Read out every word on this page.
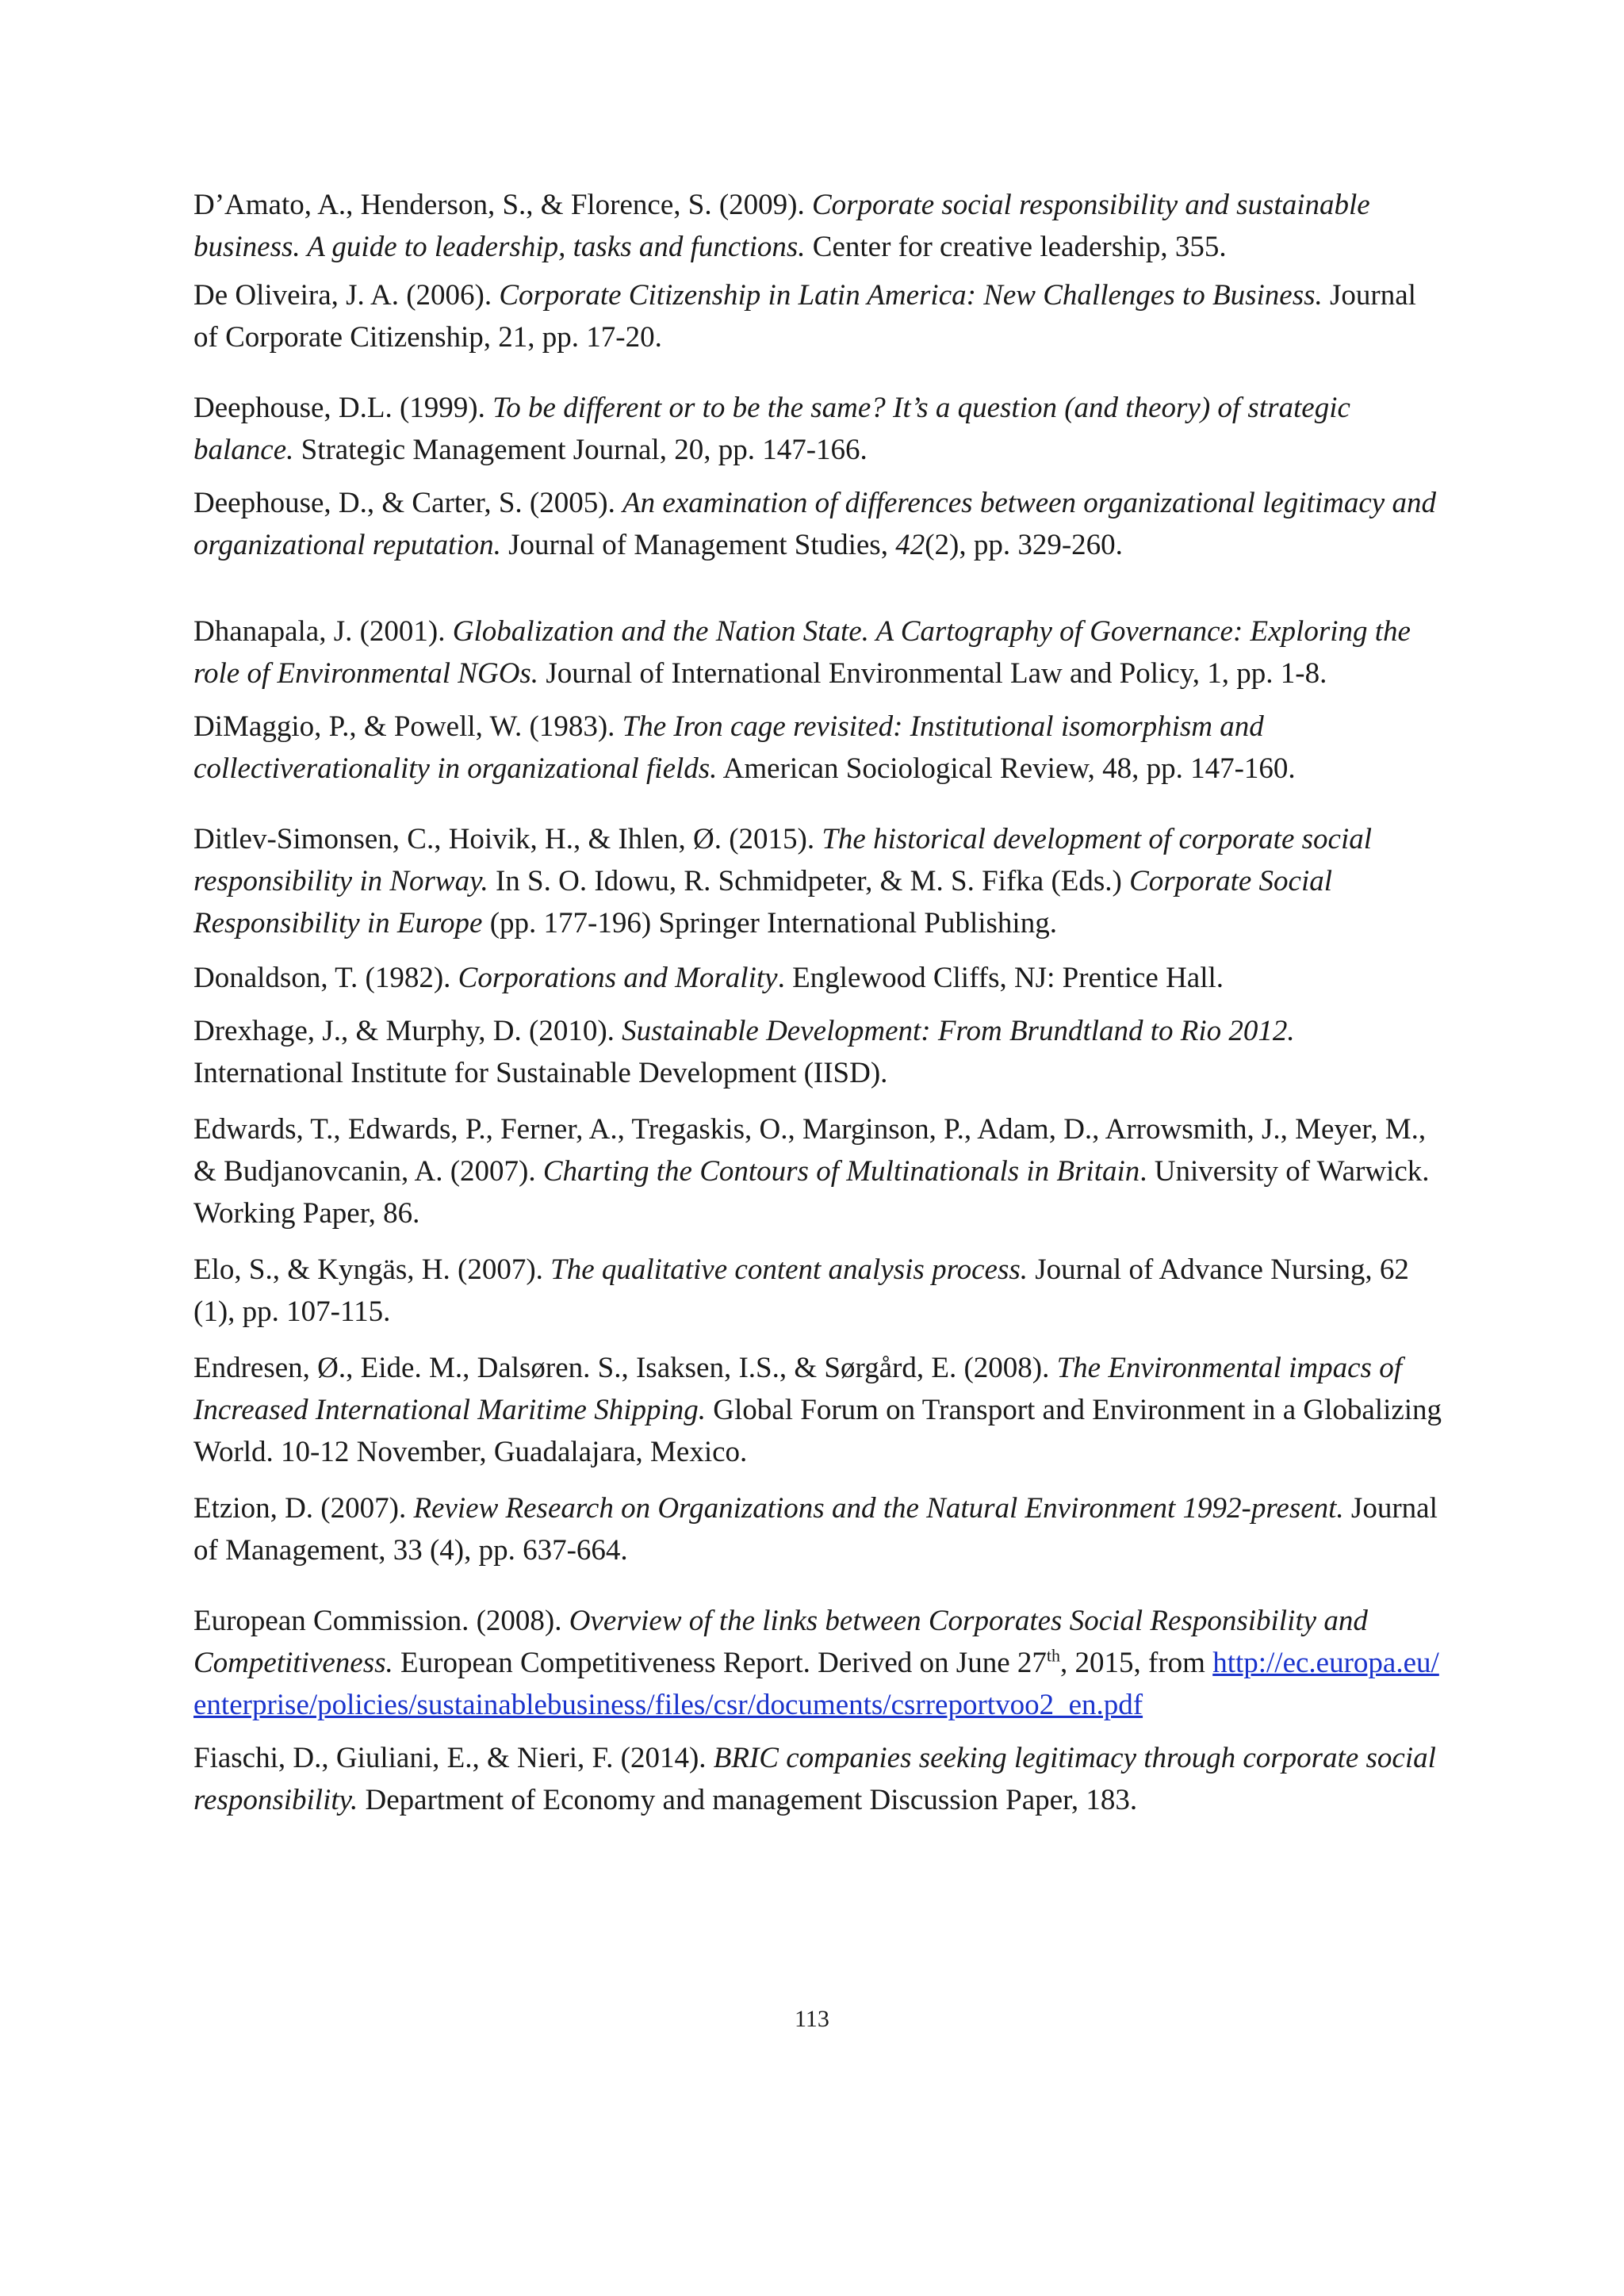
D’Amato, A., Henderson, S., & Florence, S. (2009). Corporate social responsibility and sustainable business. A guide to leadership, tasks and functions. Center for creative leadership, 355.

De Oliveira, J. A. (2006). Corporate Citizenship in Latin America: New Challenges to Business. Journal of Corporate Citizenship, 21, pp. 17-20.

Deephouse, D.L. (1999). To be different or to be the same? It’s a question (and theory) of strategic balance. Strategic Management Journal, 20, pp. 147-166.

Deephouse, D., & Carter, S. (2005). An examination of differences between organizational legitimacy and organizational reputation. Journal of Management Studies, 42(2), pp. 329-260.

Dhanapala, J. (2001). Globalization and the Nation State. A Cartography of Governance: Exploring the role of Environmental NGOs. Journal of International Environmental Law and Policy, 1, pp. 1-8.

DiMaggio, P., & Powell, W. (1983). The Iron cage revisited: Institutional isomorphism and collectiverationality in organizational fields. American Sociological Review, 48, pp. 147-160.

Ditlev-Simonsen, C., Hoivik, H., & Ihlen, Ø. (2015). The historical development of corporate social responsibility in Norway. In S. O. Idowu, R. Schmidpeter, & M. S. Fifka (Eds.) Corporate Social Responsibility in Europe (pp. 177-196) Springer International Publishing.

Donaldson, T. (1982). Corporations and Morality. Englewood Cliffs, NJ: Prentice Hall.

Drexhage, J., & Murphy, D. (2010). Sustainable Development: From Brundtland to Rio 2012. International Institute for Sustainable Development (IISD).

Edwards, T., Edwards, P., Ferner, A., Tregaskis, O., Marginson, P., Adam, D., Arrowsmith, J., Meyer, M., & Budjanovcanin, A. (2007). Charting the Contours of Multinationals in Britain. University of Warwick. Working Paper, 86.

Elo, S., & Kyngäs, H. (2007). The qualitative content analysis process. Journal of Advance Nursing, 62 (1), pp. 107-115.

Endresen, Ø., Eide. M., Dalsøren. S., Isaksen, I.S., & Sørgård, E. (2008). The Environmental impacs of Increased International Maritime Shipping. Global Forum on Transport and Environment in a Globalizing World. 10-12 November, Guadalajara, Mexico.

Etzion, D. (2007). Review Research on Organizations and the Natural Environment 1992-present. Journal of Management, 33 (4), pp. 637-664.

European Commission. (2008). Overview of the links between Corporates Social Responsibility and Competitiveness. European Competitiveness Report. Derived on June 27th, 2015, from http://ec.europa.eu/enterprise/policies/sustainablebusiness/files/csr/documents/csrreportvoo2_en.pdf

Fiaschi, D., Giuliani, E., & Nieri, F. (2014). BRIC companies seeking legitimacy through corporate social responsibility. Department of Economy and management Discussion Paper, 183.

113
